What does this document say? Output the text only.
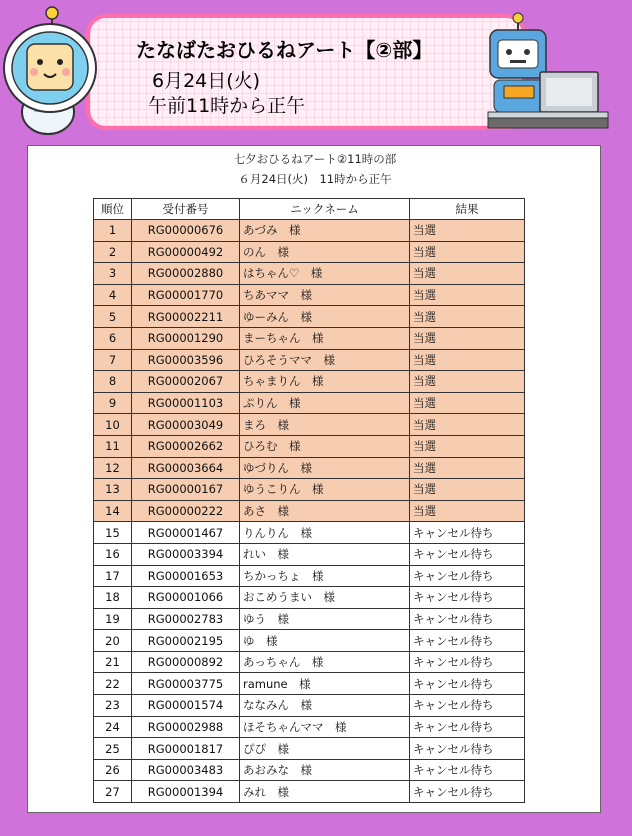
たなばたおひるねアート【②部】
6月24日(火)
午前11時から正午
七夕おひるねアート②11時の部
６月24日(火)　11時から正午
順位	受付番号	ニックネーム	結果
1	RG00000676	あづみ　様	当選
2	RG00000492	のん　様	当選
3	RG00002880	はちゃん♡　様	当選
4	RG00001770	ちあママ　様	当選
5	RG00002211	ゆーみん　様	当選
6	RG00001290	まーちゃん　様	当選
7	RG00003596	ひろそうママ　様	当選
8	RG00002067	ちゃまりん　様	当選
9	RG00001103	ぷりん　様	当選
10	RG00003049	まろ　様	当選
11	RG00002662	ひろむ　様	当選
12	RG00003664	ゆづりん　様	当選
13	RG00000167	ゆうこりん　様	当選
14	RG00000222	あさ　様	当選
15	RG00001467	りんりん　様	キャンセル待ち
16	RG00003394	れい　様	キャンセル待ち
17	RG00001653	ちかっちょ　様	キャンセル待ち
18	RG00001066	おこめうまい　様	キャンセル待ち
19	RG00002783	ゆう　様	キャンセル待ち
20	RG00002195	ゆ　様	キャンセル待ち
21	RG00000892	あっちゃん　様	キャンセル待ち
22	RG00003775	ramune　様	キャンセル待ち
23	RG00001574	ななみん　様	キャンセル待ち
24	RG00002988	ほそちゃんママ　様	キャンセル待ち
25	RG00001817	ぴぴ　様	キャンセル待ち
26	RG00003483	あおみな　様	キャンセル待ち
27	RG00001394	みれ　様	キャンセル待ち
